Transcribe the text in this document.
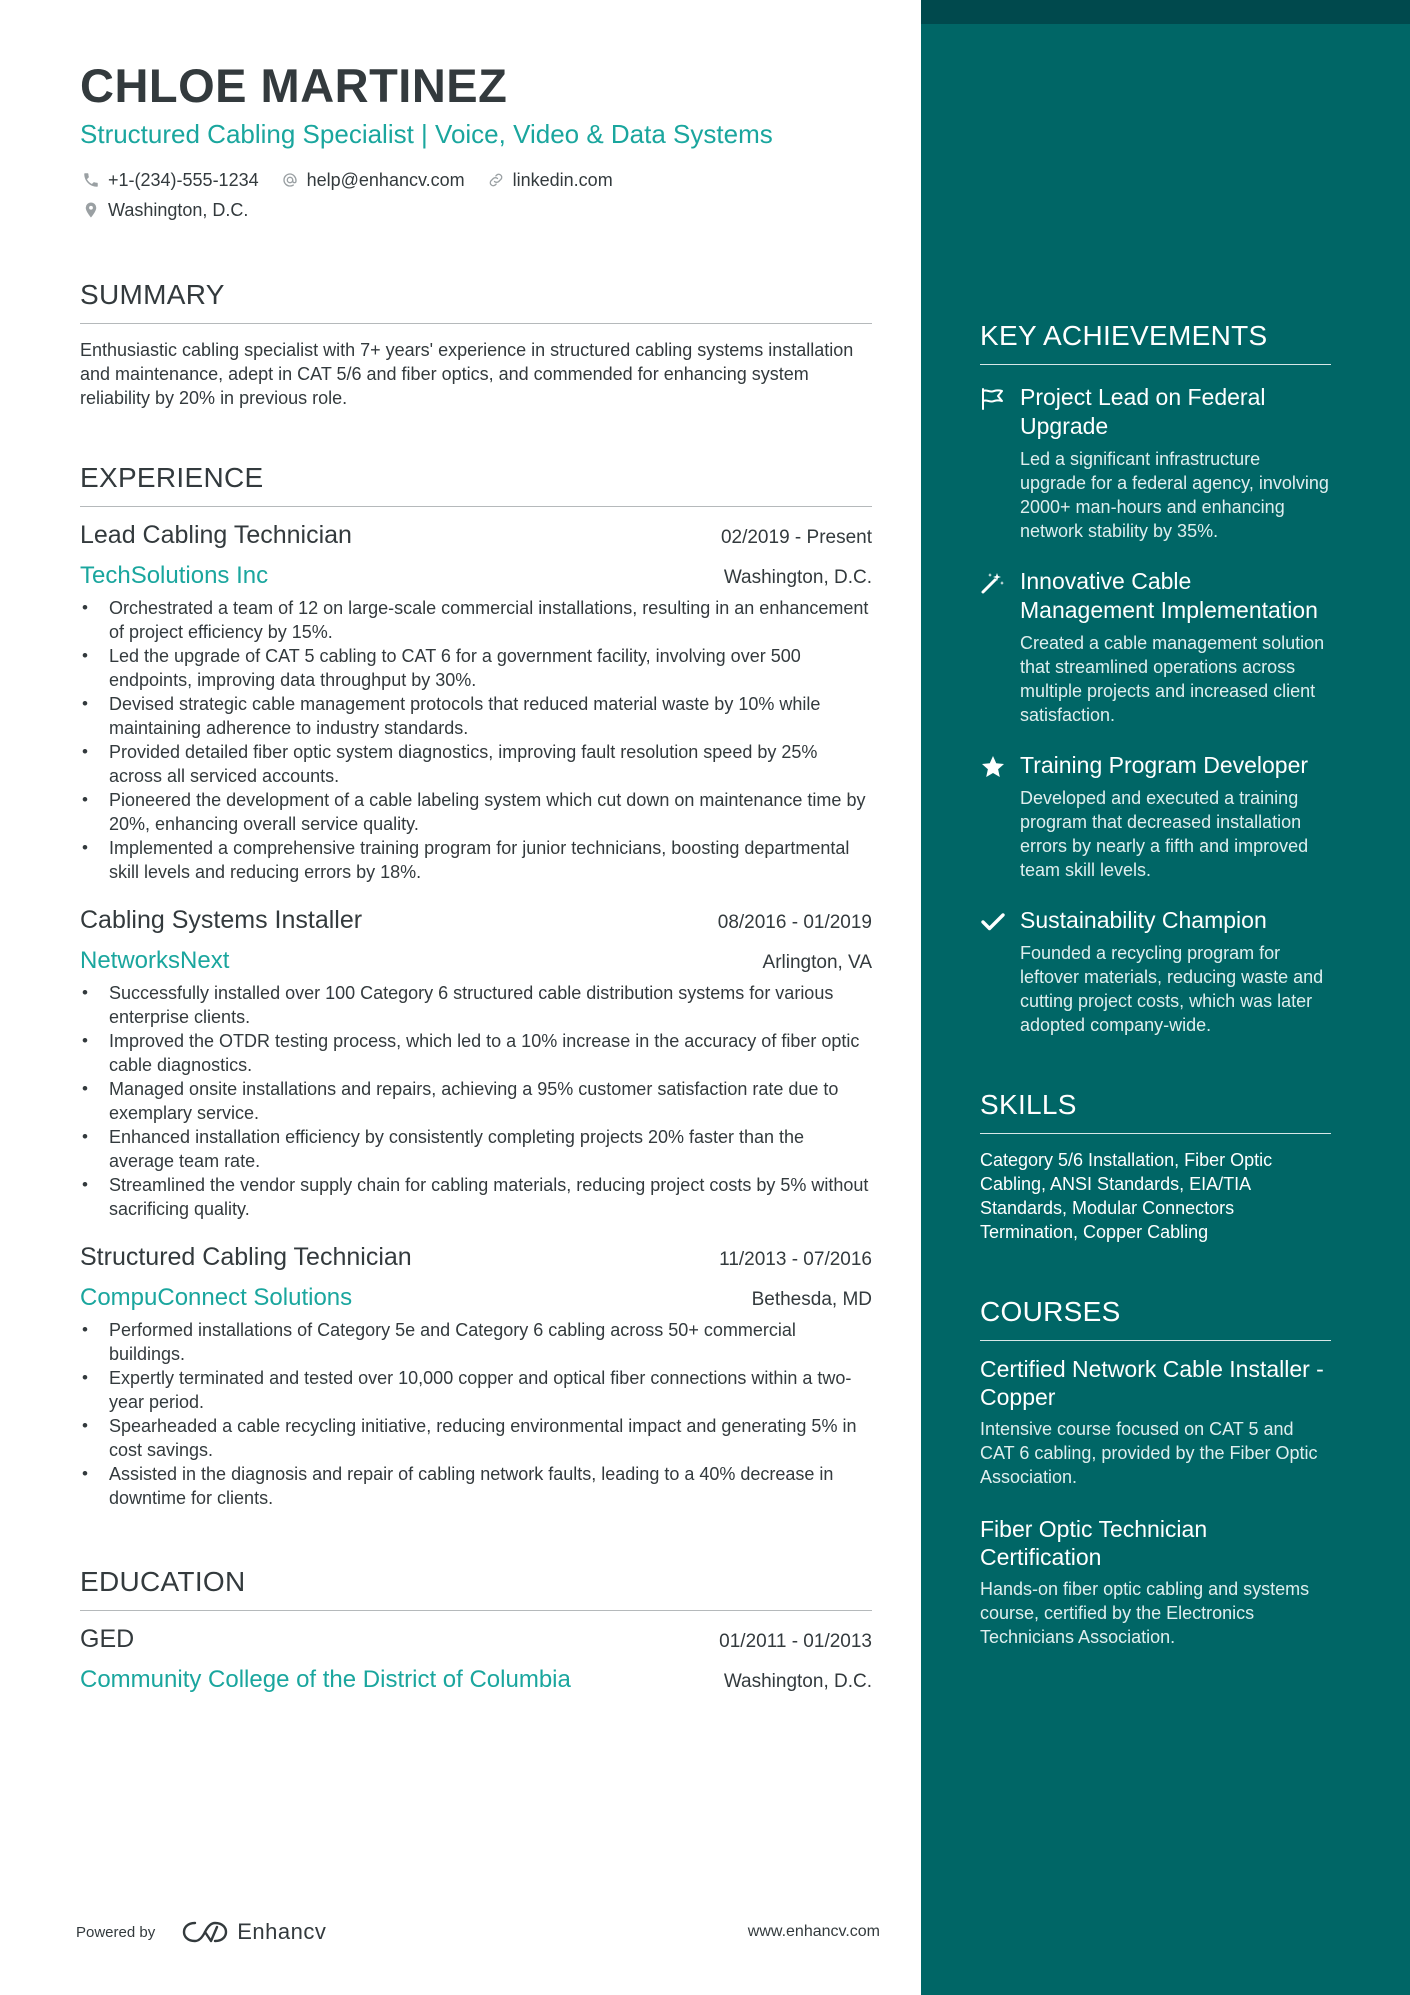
CHLOE MARTINEZ
Structured Cabling Specialist | Voice, Video & Data Systems
+1-(234)-555-1234	help@enhancv.com	linkedin.com
Washington, D.C.
SUMMARY
Enthusiastic cabling specialist with 7+ years' experience in structured cabling systems installation and maintenance, adept in CAT 5/6 and fiber optics, and commended for enhancing system reliability by 20% in previous role.
EXPERIENCE
Lead Cabling Technician	02/2019 - Present
TechSolutions Inc	Washington, D.C.
• Orchestrated a team of 12 on large-scale commercial installations, resulting in an enhancement of project efficiency by 15%.
• Led the upgrade of CAT 5 cabling to CAT 6 for a government facility, involving over 500 endpoints, improving data throughput by 30%.
• Devised strategic cable management protocols that reduced material waste by 10% while maintaining adherence to industry standards.
• Provided detailed fiber optic system diagnostics, improving fault resolution speed by 25% across all serviced accounts.
• Pioneered the development of a cable labeling system which cut down on maintenance time by 20%, enhancing overall service quality.
• Implemented a comprehensive training program for junior technicians, boosting departmental skill levels and reducing errors by 18%.
Cabling Systems Installer	08/2016 - 01/2019
NetworksNext	Arlington, VA
• Successfully installed over 100 Category 6 structured cable distribution systems for various enterprise clients.
• Improved the OTDR testing process, which led to a 10% increase in the accuracy of fiber optic cable diagnostics.
• Managed onsite installations and repairs, achieving a 95% customer satisfaction rate due to exemplary service.
• Enhanced installation efficiency by consistently completing projects 20% faster than the average team rate.
• Streamlined the vendor supply chain for cabling materials, reducing project costs by 5% without sacrificing quality.
Structured Cabling Technician	11/2013 - 07/2016
CompuConnect Solutions	Bethesda, MD
• Performed installations of Category 5e and Category 6 cabling across 50+ commercial buildings.
• Expertly terminated and tested over 10,000 copper and optical fiber connections within a two-year period.
• Spearheaded a cable recycling initiative, reducing environmental impact and generating 5% in cost savings.
• Assisted in the diagnosis and repair of cabling network faults, leading to a 40% decrease in downtime for clients.
EDUCATION
GED	01/2011 - 01/2013
Community College of the District of Columbia	Washington, D.C.
Powered by	Enhancv	www.enhancv.com
KEY ACHIEVEMENTS
Project Lead on Federal Upgrade
Led a significant infrastructure upgrade for a federal agency, involving 2000+ man-hours and enhancing network stability by 35%.
Innovative Cable Management Implementation
Created a cable management solution that streamlined operations across multiple projects and increased client satisfaction.
Training Program Developer
Developed and executed a training program that decreased installation errors by nearly a fifth and improved team skill levels.
Sustainability Champion
Founded a recycling program for leftover materials, reducing waste and cutting project costs, which was later adopted company-wide.
SKILLS
Category 5/6 Installation, Fiber Optic Cabling, ANSI Standards, EIA/TIA Standards, Modular Connectors Termination, Copper Cabling
COURSES
Certified Network Cable Installer - Copper
Intensive course focused on CAT 5 and CAT 6 cabling, provided by the Fiber Optic Association.
Fiber Optic Technician Certification
Hands-on fiber optic cabling and systems course, certified by the Electronics Technicians Association.
